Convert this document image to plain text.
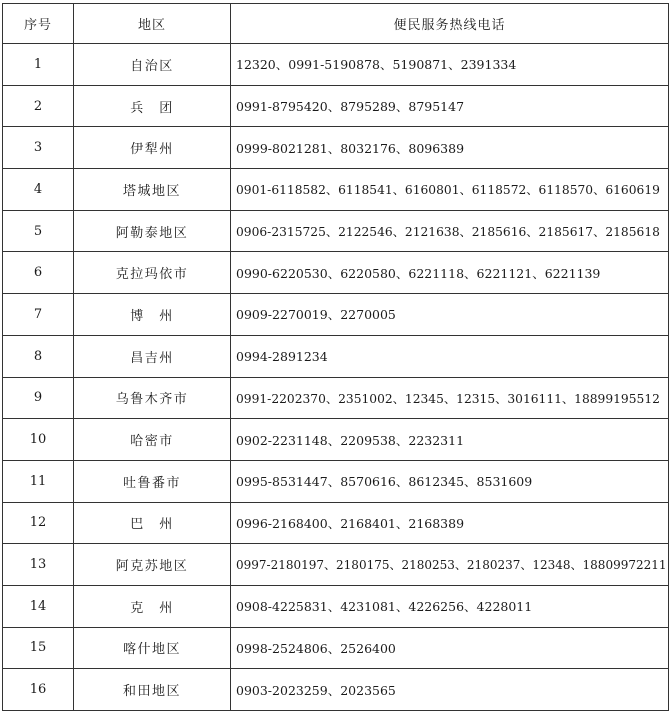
序号	地区	便民服务热线电话
1	自治区	12320、0991-5190878、5190871、2391334
2	兵　团	0991-8795420、8795289、8795147
3	伊犁州	0999-8021281、8032176、8096389
4	塔城地区	0901-6118582、6118541、6160801、6118572、6118570、6160619
5	阿勒泰地区	0906-2315725、2122546、2121638、2185616、2185617、2185618
6	克拉玛依市	0990-6220530、6220580、6221118、6221121、6221139
7	博　州	0909-2270019、2270005
8	昌吉州	0994-2891234
9	乌鲁木齐市	0991-2202370、2351002、12345、12315、3016111、18899195512
10	哈密市	0902-2231148、2209538、2232311
11	吐鲁番市	0995-8531447、8570616、8612345、8531609
12	巴　州	0996-2168400、2168401、2168389
13	阿克苏地区	0997-2180197、2180175、2180253、2180237、12348、18809972211
14	克　州	0908-4225831、4231081、4226256、4228011
15	喀什地区	0998-2524806、2526400
16	和田地区	0903-2023259、2023565
